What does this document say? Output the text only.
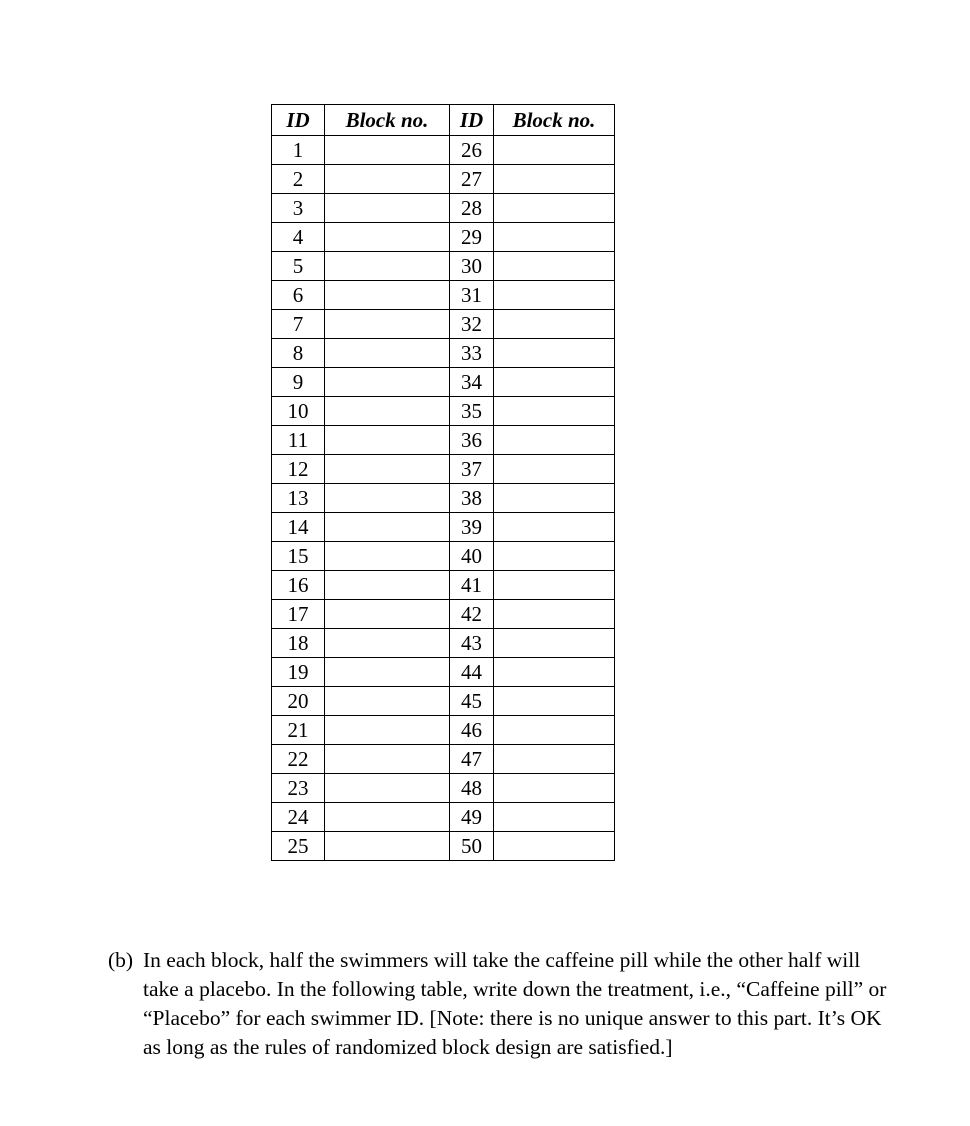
ID	Block no.	ID	Block no.
1		26	
2		27	
3		28	
4		29	
5		30	
6		31	
7		32	
8		33	
9		34	
10		35	
11		36	
12		37	
13		38	
14		39	
15		40	
16		41	
17		42	
18		43	
19		44	
20		45	
21		46	
22		47	
23		48	
24		49	
25		50	
(b) In each block, half the swimmers will take the caffeine pill while the other half will take a placebo. In the following table, write down the treatment, i.e., “Caffeine pill” or “Placebo” for each swimmer ID. [Note: there is no unique answer to this part. It’s OK as long as the rules of randomized block design are satisfied.]
